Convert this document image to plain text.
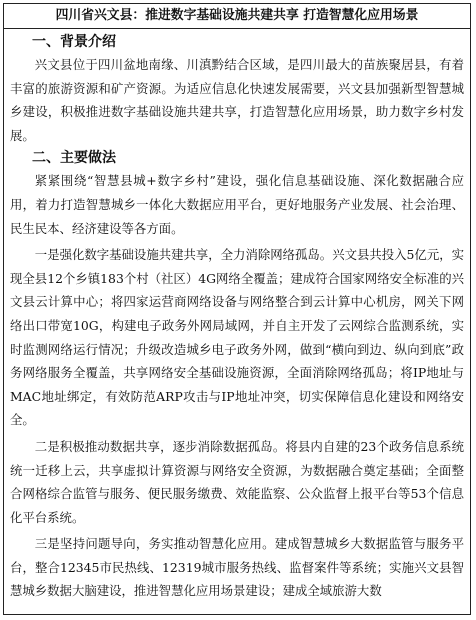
四川省兴文县：推进数字基础设施共建共享 打造智慧化应用场景
一、背景介绍

兴文县位于四川盆地南缘、川滇黔结合区域，是四川最大的苗族聚居县，有着丰富的旅游资源和矿产资源。为适应信息化快速发展需要，兴文县加强新型智慧城乡建设，积极推进数字基础设施共建共享，打造智慧化应用场景，助力数字乡村发展。

二、主要做法

紧紧围绕“智慧县城+数字乡村”建设，强化信息基础设施、深化数据融合应用，着力打造智慧城乡一体化大数据应用平台，更好地服务产业发展、社会治理、民生民本、经济建设等各方面。

一是强化数字基础设施共建共享，全力消除网络孤岛。兴文县共投入5亿元，实现全县12个乡镇183个村（社区）4G网络全覆盖；建成符合国家网络安全标准的兴文县云计算中心；将四家运营商网络设备与网络整合到云计算中心机房，网关下网络出口带宽10G，构建电子政务外网局域网，并自主开发了云网综合监测系统，实时监测网络运行情况；升级改造城乡电子政务外网，做到“横向到边、纵向到底”政务网络服务全覆盖，共享网络安全基础设施资源，全面消除网络孤岛；将IP地址与MAC地址绑定，有效防范ARP攻击与IP地址冲突，切实保障信息化建设和网络安全。

二是积极推动数据共享，逐步消除数据孤岛。将县内自建的23个政务信息系统统一迁移上云，共享虚拟计算资源与网络安全资源，为数据融合奠定基础；全面整合网格综合监管与服务、便民服务缴费、效能监察、公众监督上报平台等53个信息化平台系统。

三是坚持问题导向，务实推动智慧化应用。建成智慧城乡大数据监管与服务平台，整合12345市民热线、12319城市服务热线、监督案件等系统；实施兴文县智慧城乡数据大脑建设，推进智慧化应用场景建设；建成全域旅游大数
